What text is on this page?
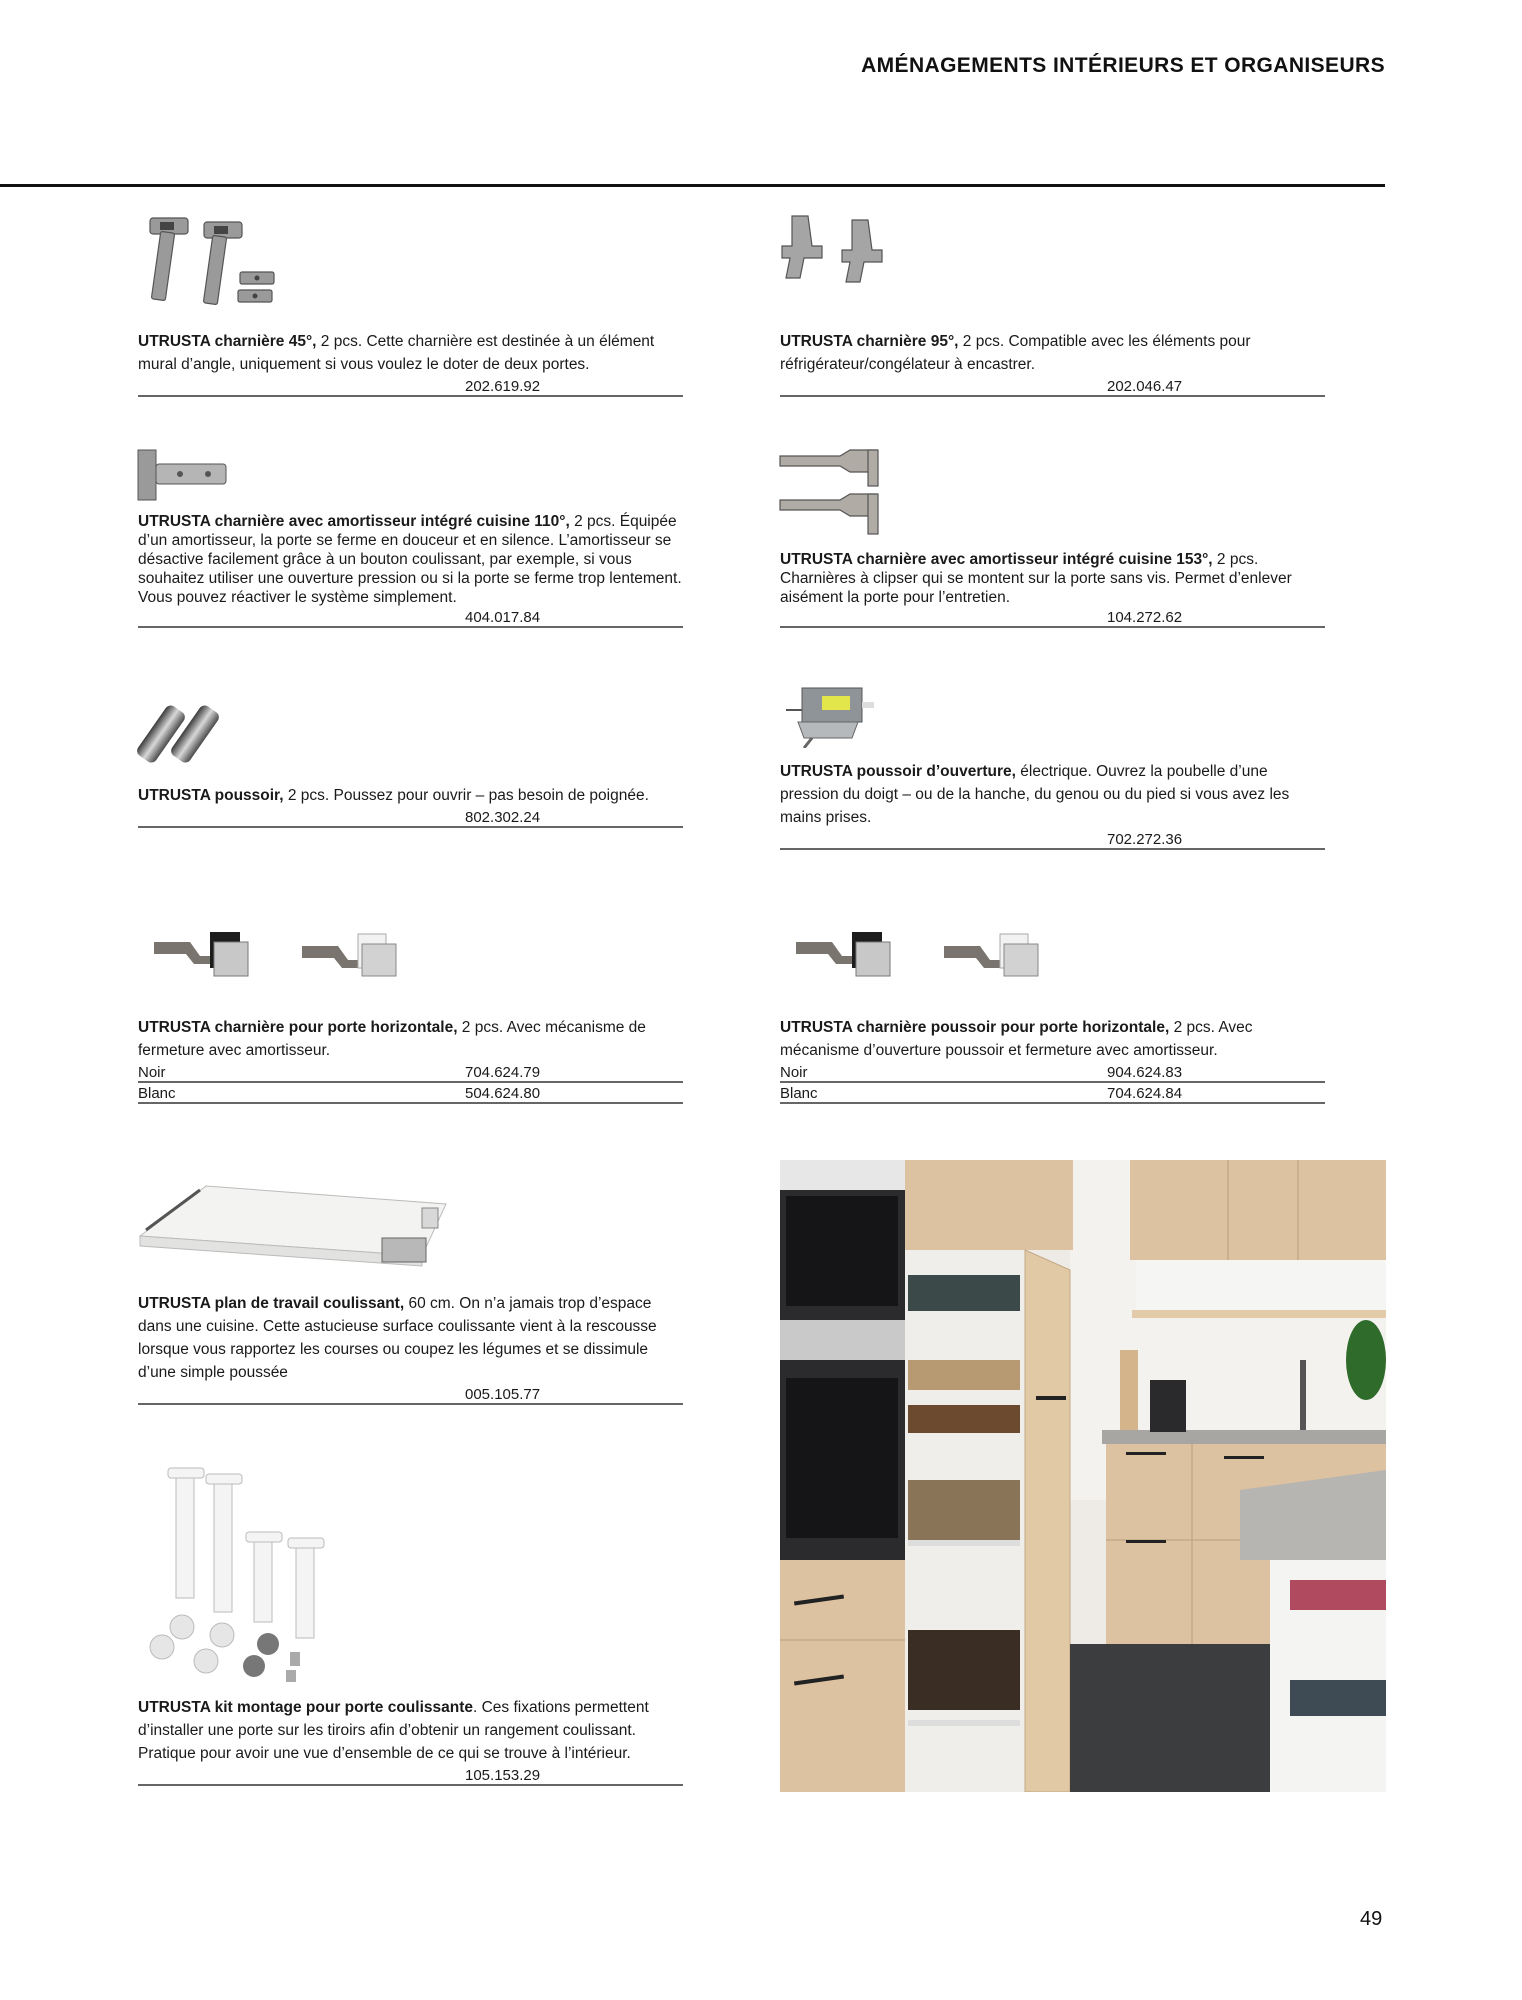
AMÉNAGEMENTS INTÉRIEURS ET ORGANISEURS
UTRUSTA charnière 45°, 2 pcs. Cette charnière est destinée à un élément mural d’angle, uniquement si vous voulez le doter de deux portes.
202.619.92
UTRUSTA charnière 95°, 2 pcs. Compatible avec les éléments pour réfrigérateur/congélateur à encastrer.
202.046.47
UTRUSTA charnière avec amortisseur intégré cuisine 110°, 2 pcs. Équipée d’un amortisseur, la porte se ferme en douceur et en silence. L’amortisseur se désactive facilement grâce à un bouton coulissant, par exemple, si vous souhaitez utiliser une ouverture pression ou si la porte se ferme trop lentement. Vous pouvez réactiver le système simplement.
404.017.84
UTRUSTA charnière avec amortisseur intégré cuisine 153°, 2 pcs. Charnières à clipser qui se montent sur la porte sans vis. Permet d’enlever aisément la porte pour l’entretien.
104.272.62
UTRUSTA poussoir, 2 pcs. Poussez pour ouvrir – pas besoin de poignée.
802.302.24
UTRUSTA poussoir d’ouverture, électrique. Ouvrez la poubelle d’une pression du doigt – ou de la hanche, du genou ou du pied si vous avez les mains prises.
702.272.36
UTRUSTA charnière pour porte horizontale, 2 pcs. Avec mécanisme de fermeture avec amortisseur.
Noir	704.624.79
Blanc	504.624.80
UTRUSTA charnière poussoir pour porte horizontale, 2 pcs. Avec mécanisme d’ouverture poussoir et fermeture avec amortisseur.
Noir	904.624.83
Blanc	704.624.84
UTRUSTA plan de travail coulissant, 60 cm. On n’a jamais trop d’espace dans une cuisine. Cette astucieuse surface coulissante vient à la rescousse lorsque vous rapportez les courses ou coupez les légumes et se dissimule d’une simple poussée
005.105.77
UTRUSTA kit montage pour porte coulissante. Ces fixations permettent d’installer une porte sur les tiroirs afin d’obtenir un rangement coulissant. Pratique pour avoir une vue d’ensemble de ce qui se trouve à l’intérieur.
105.153.29
49
